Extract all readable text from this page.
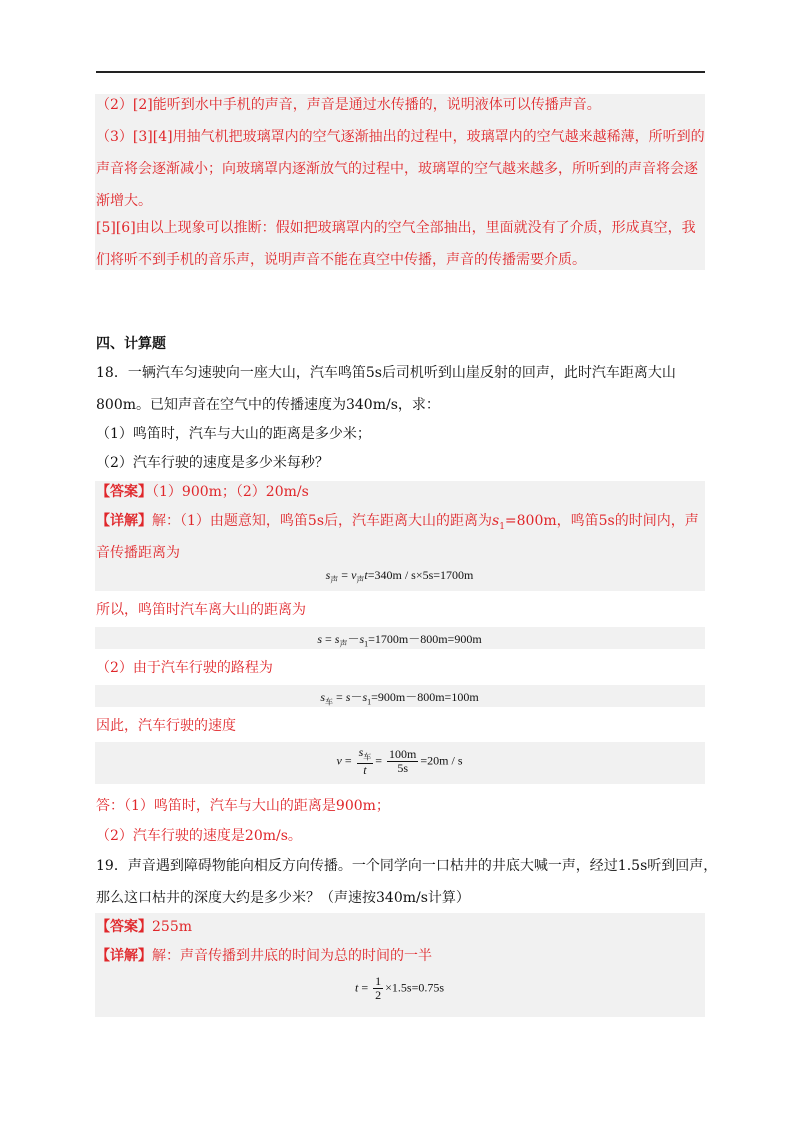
（2）[2]能听到水中手机的声音，声音是通过水传播的，说明液体可以传播声音。
（3）[3][4]用抽气机把玻璃罩内的空气逐渐抽出的过程中，玻璃罩内的空气越来越稀薄，所听到的
声音将会逐渐减小；向玻璃罩内逐渐放气的过程中，玻璃罩的空气越来越多，所听到的声音将会逐
渐增大。
[5][6]由以上现象可以推断：假如把玻璃罩内的空气全部抽出，里面就没有了介质，形成真空，我
们将听不到手机的音乐声，说明声音不能在真空中传播，声音的传播需要介质。
四、计算题
18．一辆汽车匀速驶向一座大山，汽车鸣笛5s后司机听到山崖反射的回声，此时汽车距离大山
800m。已知声音在空气中的传播速度为340m/s，求：
（1）鸣笛时，汽车与大山的距离是多少米；
（2）汽车行驶的速度是多少米每秒？
【答案】（1）900m；（2）20m/s
【详解】解：（1）由题意知，鸣笛5s后，汽车距离大山的距离为$s_1=800m$，鸣笛5s的时间内，声
音传播距离为
$s_声 = v_声t=340m / s\times 5s=1700m$
所以，鸣笛时汽车离大山的距离为
$s = s_声-s_1=1700m-800m=900m$
（2）由于汽车行驶的路程为
$s_车 = s-s_1=900m-800m=100m$
因此，汽车行驶的速度
$v = \frac{s_车}{t} = \frac{100m}{5s} =20m / s$
答：（1）鸣笛时，汽车与大山的距离是900m；
（2）汽车行驶的速度是20m/s。
19．声音遇到障碍物能向相反方向传播。一个同学向一口枯井的井底大喊一声，经过1.5s听到回声，
那么这口枯井的深度大约是多少米？（声速按340m/s计算）
【答案】255m
【详解】解：声音传播到井底的时间为总的时间的一半
$t = \frac{1}{2} \times 1.5s=0.75s$
